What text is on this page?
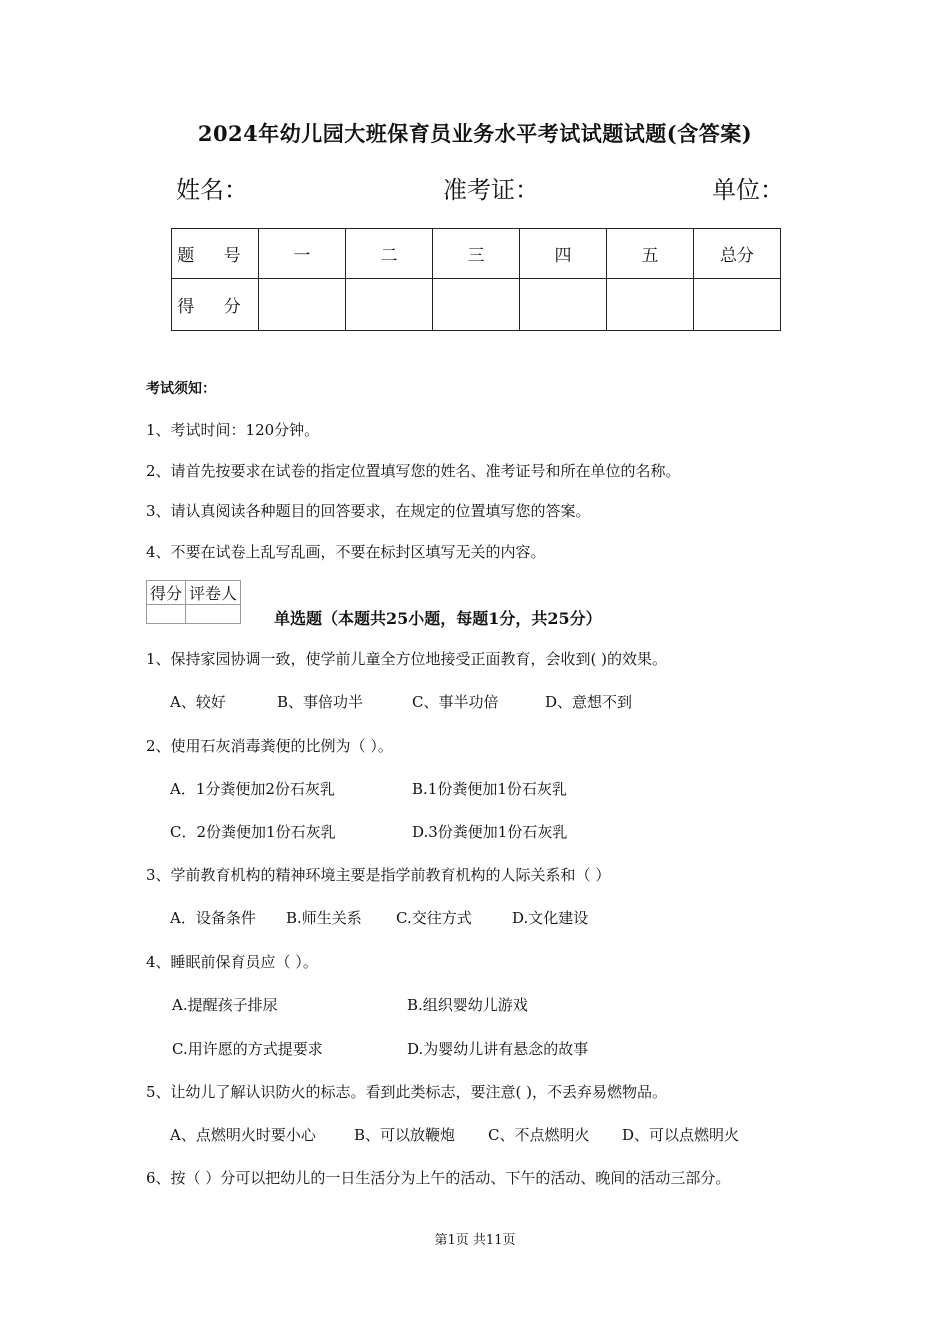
2024年幼儿园大班保育员业务水平考试试题试题(含答案)
姓名：	准考证：	单位：
题 号	一	二	三	四	五	总分
得 分						
考试须知：
1、考试时间：120分钟。
2、请首先按要求在试卷的指定位置填写您的姓名、准考证号和所在单位的名称。
3、请认真阅读各种题目的回答要求，在规定的位置填写您的答案。
4、不要在试卷上乱写乱画，不要在标封区填写无关的内容。
得分	评卷人

单选题（本题共25小题，每题1分，共25分）
1、保持家园协调一致，使学前儿童全方位地接受正面教育，会收到( )的效果。
A、较好	B、事倍功半	C、事半功倍	D、意想不到
2、使用石灰消毒粪便的比例为（ ）。
A．1分粪便加2份石灰乳	B.1份粪便加1份石灰乳
C．2份粪便加1份石灰乳	D.3份粪便加1份石灰乳
3、学前教育机构的精神环境主要是指学前教育机构的人际关系和（ ）
A．设备条件 B.师生关系 C.交往方式	D.文化建设
4、睡眠前保育员应（ ）。
A.提醒孩子排尿	B.组织婴幼儿游戏
C.用许愿的方式提要求	D.为婴幼儿讲有悬念的故事
5、让幼儿了解认识防火的标志。看到此类标志，要注意( )，不丢弃易燃物品。
A、点燃明火时要小心	B、可以放鞭炮 C、不点燃明火 D、可以点燃明火
6、按（ ）分可以把幼儿的一日生活分为上午的活动、下午的活动、晚间的活动三部分。
第1页 共11页
